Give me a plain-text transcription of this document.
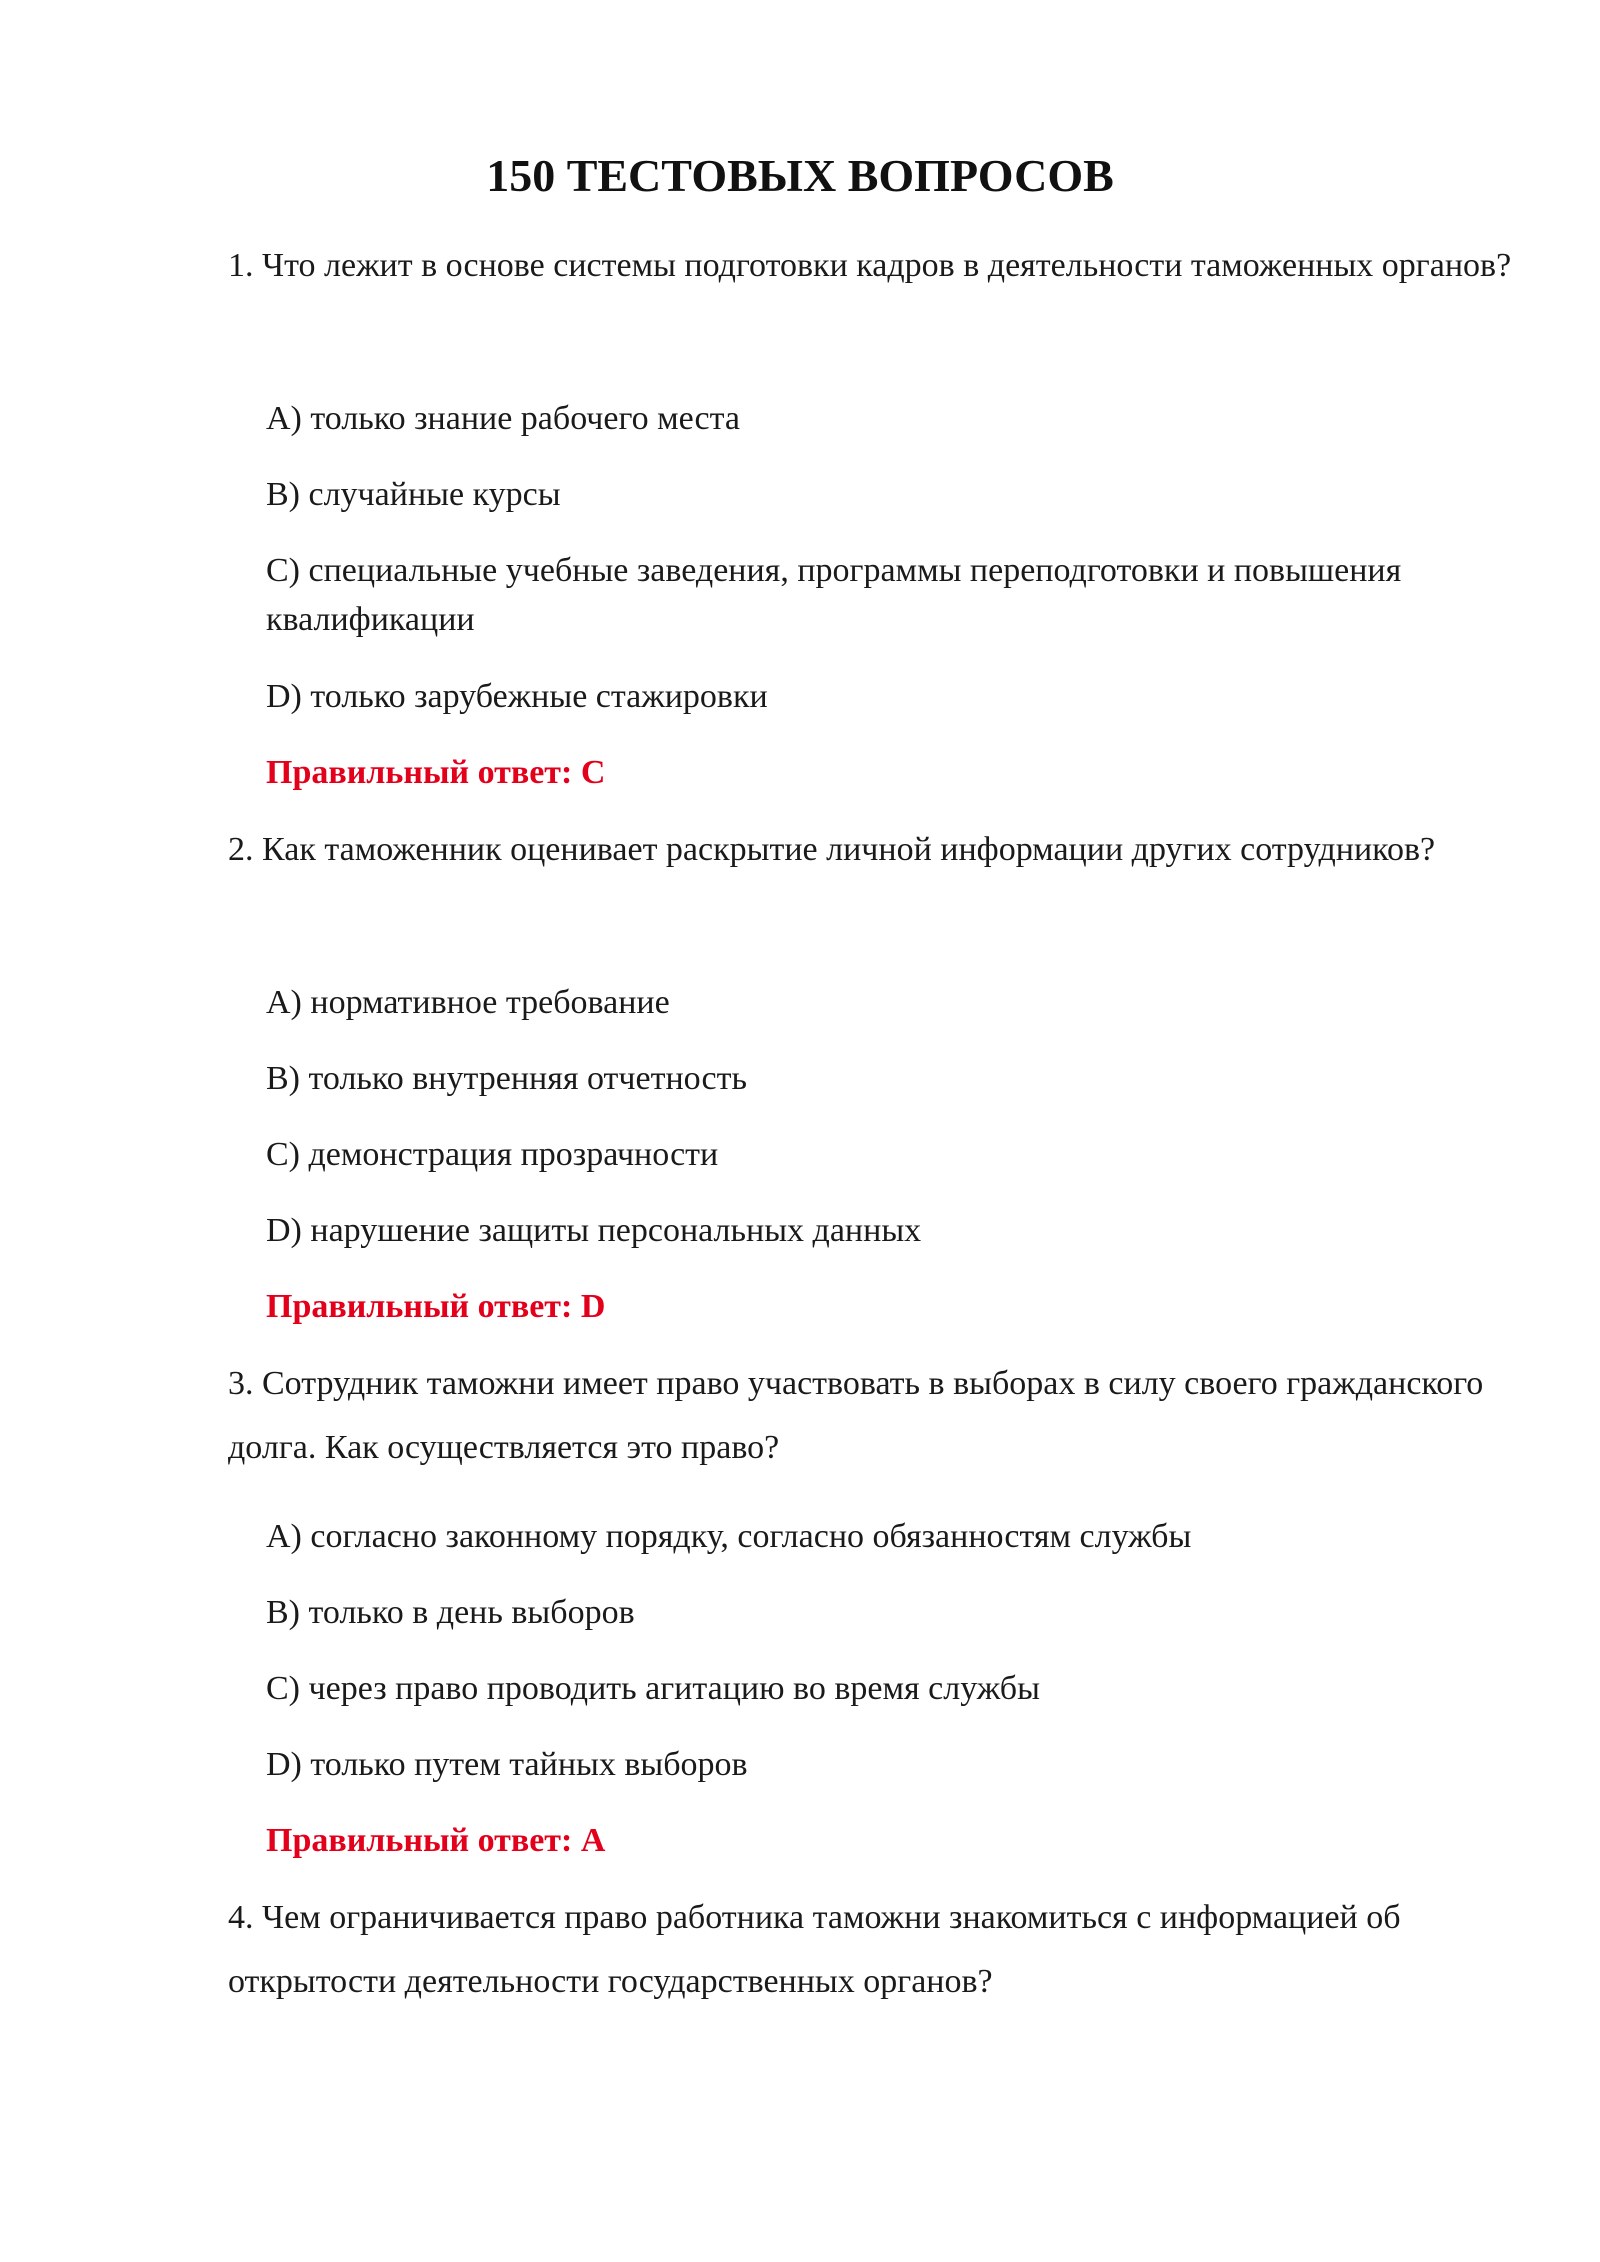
150 ТЕСТОВЫХ ВОПРОСОВ
1. Что лежит в основе системы подготовки кадров в деятельности таможенных органов?
A) только знание рабочего места
B) случайные курсы
C) специальные учебные заведения, программы переподготовки и повышения квалификации
D) только зарубежные стажировки
Правильный ответ: C
2. Как таможенник оценивает раскрытие личной информации других сотрудников?
A) нормативное требование
B) только внутренняя отчетность
C) демонстрация прозрачности
D) нарушение защиты персональных данных
Правильный ответ: D
3. Сотрудник таможни имеет право участвовать в выборах в силу своего гражданского долга. Как осуществляется это право?
A) согласно законному порядку, согласно обязанностям службы
B) только в день выборов
C) через право проводить агитацию во время службы
D) только путем тайных выборов
Правильный ответ: A
4. Чем ограничивается право работника таможни знакомиться с информацией об открытости деятельности государственных органов?
